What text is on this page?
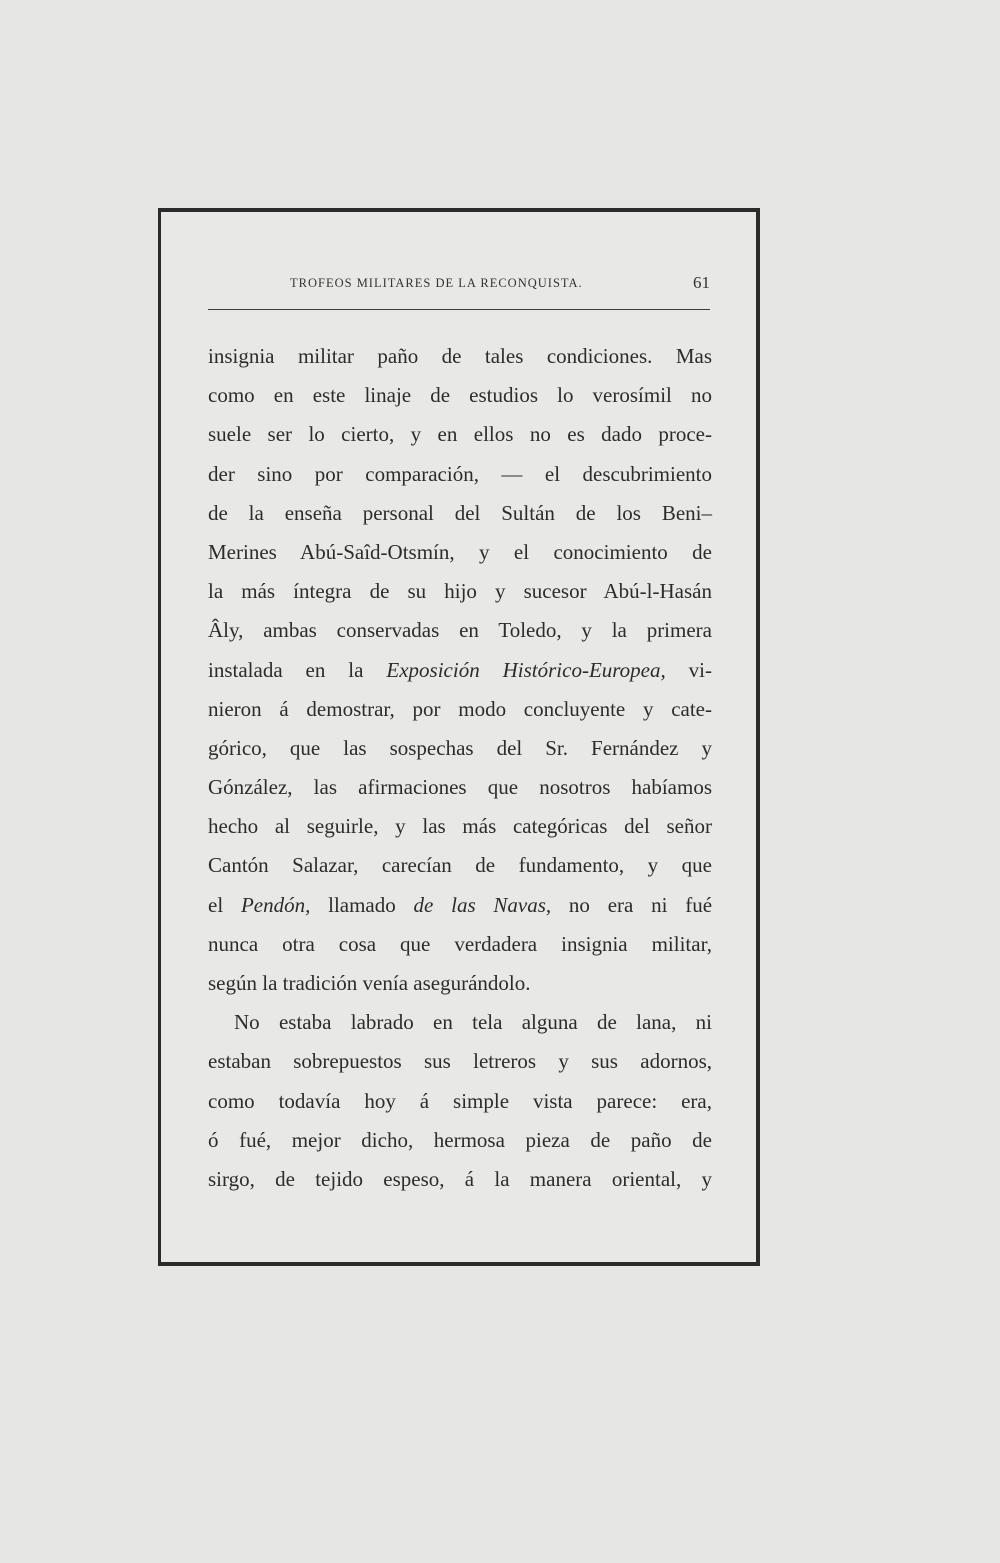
TROFEOS MILITARES DE LA RECONQUISTA.	61
insignia militar paño de tales condiciones. Mas
como en este linaje de estudios lo verosímil no
suele ser lo cierto, y en ellos no es dado proce-
der sino por comparación, — el descubrimiento
de la enseña personal del Sultán de los Beni–
Merines Abú-Saîd-Otsmín, y el conocimiento de
la más íntegra de su hijo y sucesor Abú-l-Hasán
Âly, ambas conservadas en Toledo, y la primera
instalada en la Exposición Histórico-Europea, vi-
nieron á demostrar, por modo concluyente y cate-
górico, que las sospechas del Sr. Fernández y
Gónzález, las afirmaciones que nosotros habíamos
hecho al seguirle, y las más categóricas del señor
Cantón Salazar, carecían de fundamento, y que
el Pendón, llamado de las Navas, no era ni fué
nunca otra cosa que verdadera insignia militar,
según la tradición venía asegurándolo.
No estaba labrado en tela alguna de lana, ni
estaban sobrepuestos sus letreros y sus adornos,
como todavía hoy á simple vista parece: era,
ó fué, mejor dicho, hermosa pieza de paño de
sirgo, de tejido espeso, á la manera oriental, y
